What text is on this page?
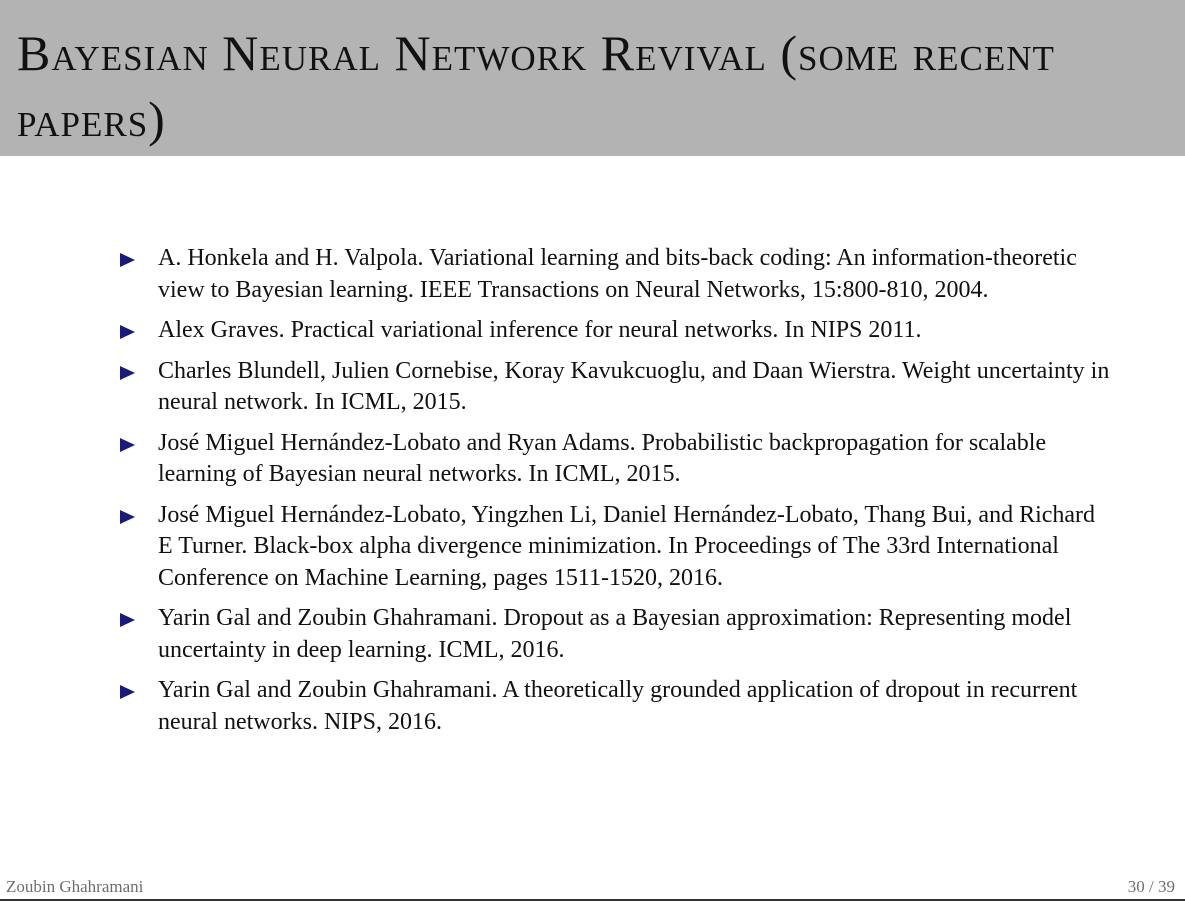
Bayesian Neural Network Revival (some recent papers)
A. Honkela and H. Valpola. Variational learning and bits-back coding: An information-theoretic view to Bayesian learning. IEEE Transactions on Neural Networks, 15:800-810, 2004.
Alex Graves. Practical variational inference for neural networks. In NIPS 2011.
Charles Blundell, Julien Cornebise, Koray Kavukcuoglu, and Daan Wierstra. Weight uncertainty in neural network. In ICML, 2015.
José Miguel Hernández-Lobato and Ryan Adams. Probabilistic backpropagation for scalable learning of Bayesian neural networks. In ICML, 2015.
José Miguel Hernández-Lobato, Yingzhen Li, Daniel Hernández-Lobato, Thang Bui, and Richard E Turner. Black-box alpha divergence minimization. In Proceedings of The 33rd International Conference on Machine Learning, pages 1511-1520, 2016.
Yarin Gal and Zoubin Ghahramani. Dropout as a Bayesian approximation: Representing model uncertainty in deep learning. ICML, 2016.
Yarin Gal and Zoubin Ghahramani. A theoretically grounded application of dropout in recurrent neural networks. NIPS, 2016.
Zoubin Ghahramani	30 / 39
